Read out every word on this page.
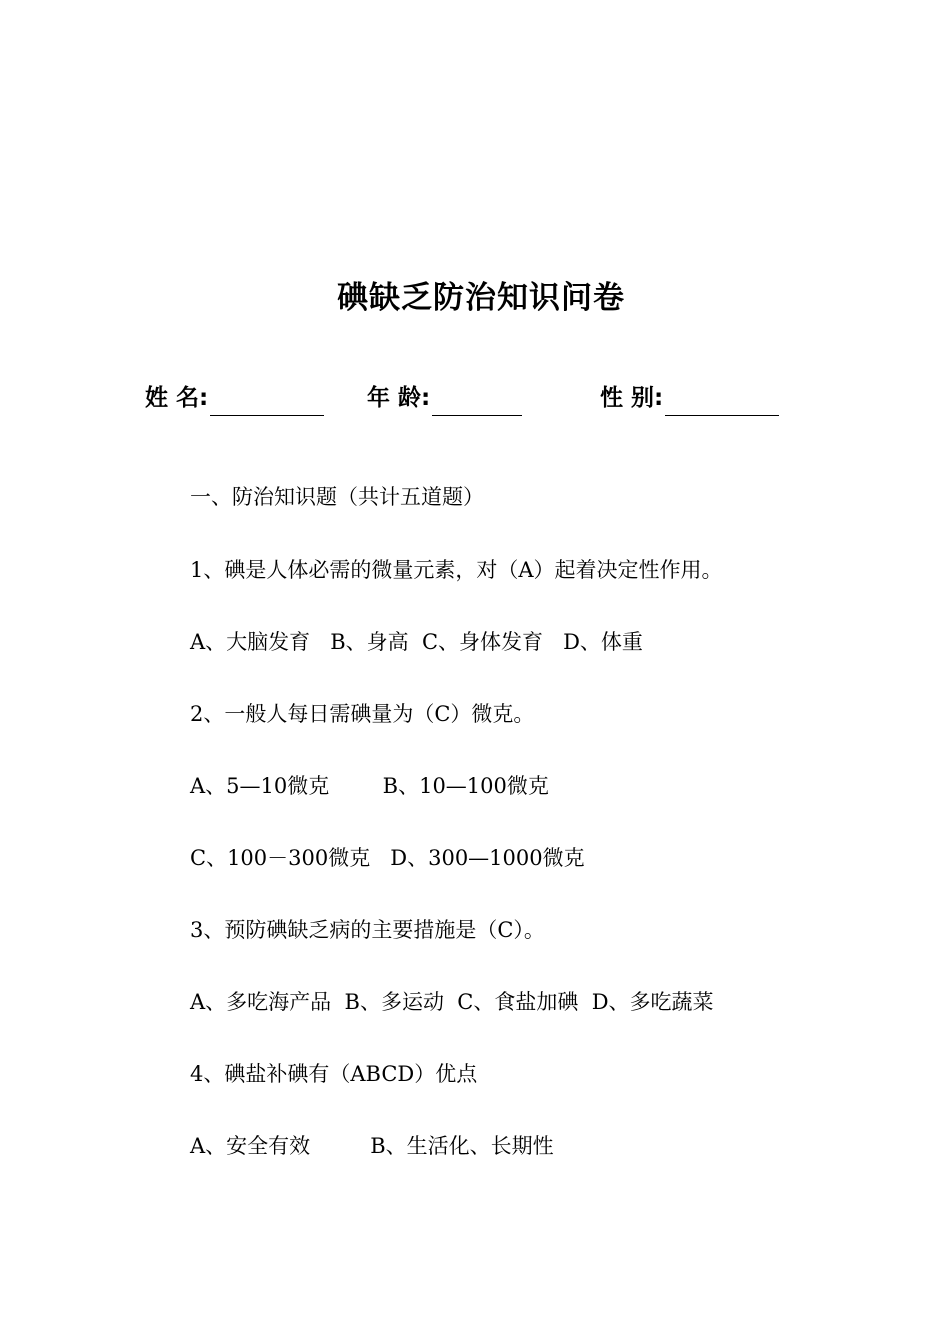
碘缺乏防治知识问卷
姓 名:	年 龄:	性 别:

一、防治知识题（共计五道题）

1、碘是人体必需的微量元素，对（A）起着决定性作用。

A、大脑发育   B、身高  C、身体发育   D、体重

2、一般人每日需碘量为（C）微克。

A、5—10微克        B、10—100微克

C、100－300微克   D、300—1000微克

3、预防碘缺乏病的主要措施是（C）。

A、多吃海产品  B、多运动  C、食盐加碘  D、多吃蔬菜

4、碘盐补碘有（ABCD）优点

A、安全有效         B、生活化、长期性
